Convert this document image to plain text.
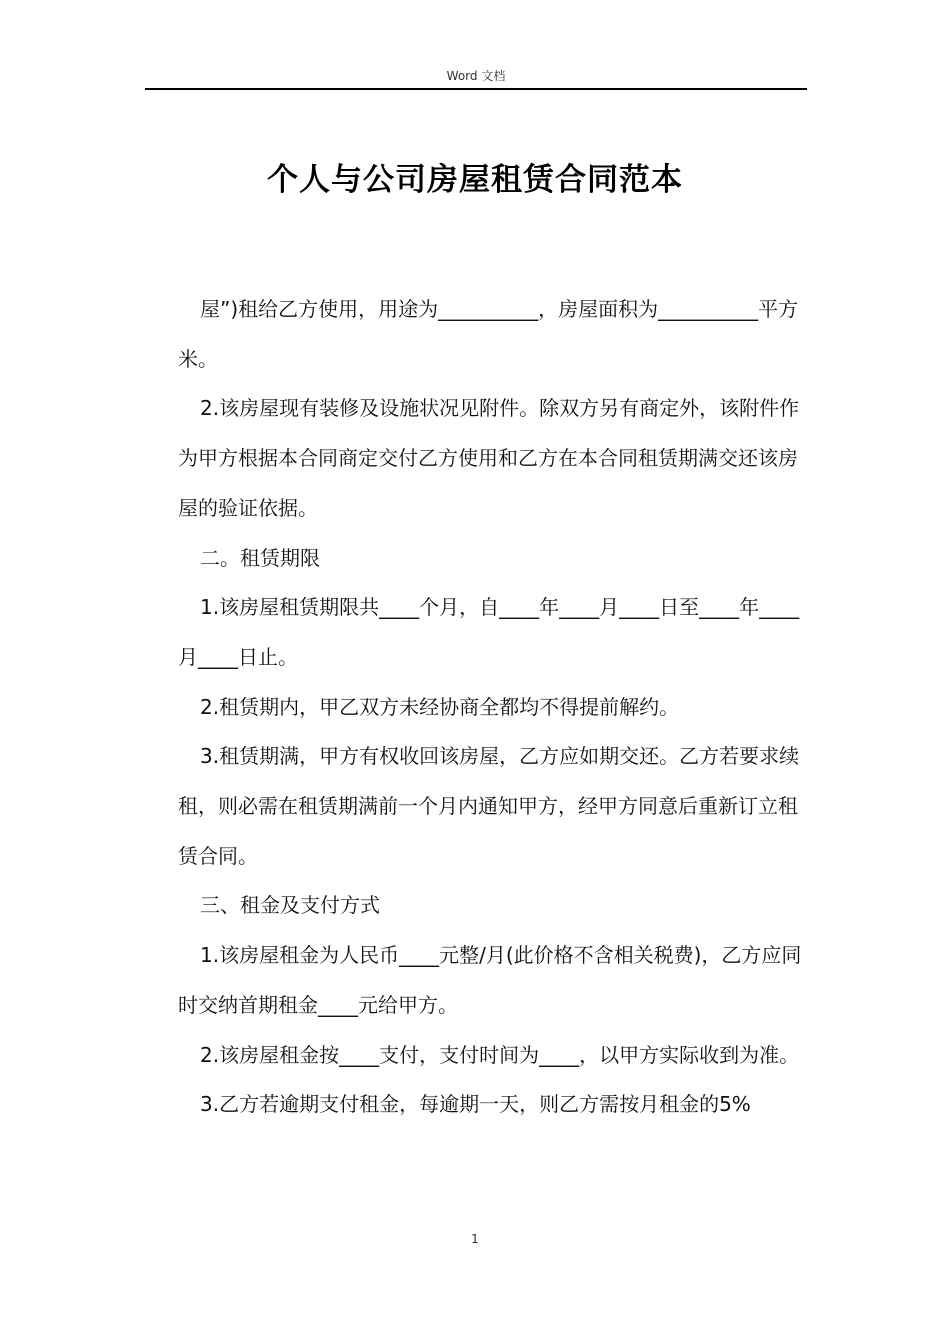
Word 文档
个人与公司房屋租赁合同范本

屋”)租给乙方使用，用途为__________，房屋面积为__________平方米。

2.该房屋现有装修及设施状况见附件。除双方另有商定外，该附件作为甲方根据本合同商定交付乙方使用和乙方在本合同租赁期满交还该房屋的验证依据。

二。租赁期限

1.该房屋租赁期限共____个月，自____年____月____日至____年____月____日止。

2.租赁期内，甲乙双方未经协商全都均不得提前解约。

3.租赁期满，甲方有权收回该房屋，乙方应如期交还。乙方若要求续租，则必需在租赁期满前一个月内通知甲方，经甲方同意后重新订立租赁合同。

三、租金及支付方式

1.该房屋租金为人民币____元整/月(此价格不含相关税费)，乙方应同时交纳首期租金____元给甲方。

2.该房屋租金按____支付，支付时间为____，以甲方实际收到为准。

3.乙方若逾期支付租金，每逾期一天，则乙方需按月租金的5%

1
